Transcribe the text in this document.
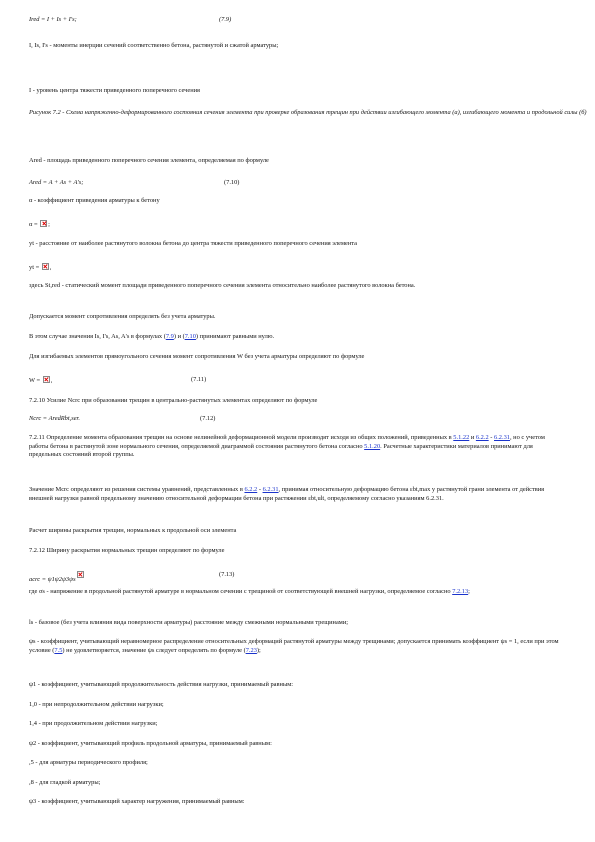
Ired = I + Is + I's;	(7.9)
I, Is, I's - моменты инерции сечений соответственно бетона, растянутой и сжатой арматуры;
I - уровень центра тяжести приведенного поперечного сечения
Рисунок 7.2 - Схема напряженно-деформированного состояния сечения элемента при проверке образования трещин при действии изгибающего момента (а), изгибающего момента и продольной силы (б)
Ared - площадь приведенного поперечного сечения элемента, определяемая по формуле
Ared = A + As + A's;	(7.10)
α - коэффициент приведения арматуры к бетону
α = ;
yt - расстояние от наиболее растянутого волокна бетона до центра тяжести приведенного поперечного сечения элемента
yt = ,
здесь St,red - статический момент площади приведенного поперечного сечения элемента относительно наиболее растянутого волокна бетона.
Допускается момент сопротивления определять без учета арматуры.
В этом случае значения Is, I's, As, A's в формулах (7.9) и (7.10) принимают равными нулю.
Для изгибаемых элементов прямоугольного сечения момент сопротивления W без учета арматуры определяют по формуле
W = ,	(7.11)
7.2.10 Усилие Ncrc при образовании трещин в центрально-растянутых элементах определяют по формуле
Ncrc = AredRbt,ser.	(7.12)
7.2.11 Определение момента образования трещин на основе нелинейной деформационной модели производят исходя из общих положений, приведенных в 5.1.22 и 6.2.2 - 6.2.31, но с учетом работы бетона в растянутой зоне нормального сечения, определяемой диаграммой состояния растянутого бетона согласно 5.1.20. Расчетные характеристики материалов принимают для предельных состояний второй группы.
Значение Mcrc определяют из решения системы уравнений, представленных в 6.2.2 - 6.2.31, принимая относительную деформацию бетона εbt,max у растянутой грани элемента от действия внешней нагрузки равной предельному значению относительной деформации бетона при растяжении εbt,ult, определяемому согласно указаниям 6.2.31.
Расчет ширины раскрытия трещин, нормальных к продольной оси элемента
7.2.12 Ширину раскрытия нормальных трещин определяют по формуле
acrc = ψ1ψ2ψ3ψs
(7.13)
где σs - напряжение в продольной растянутой арматуре в нормальном сечении с трещиной от соответствующей внешней нагрузки, определяемое согласно 7.2.13;
ls - базовое (без учета влияния вида поверхности арматуры) расстояние между смежными нормальными трещинами;
ψs - коэффициент, учитывающий неравномерное распределение относительных деформаций растянутой арматуры между трещинами; допускается принимать коэффициент ψs = 1, если при этом условие (7.5) не удовлетворяется, значение ψs следует определять по формуле (7.23);
ψ1 - коэффициент, учитывающий продолжительность действия нагрузки, принимаемый равным:
1,0 - при непродолжительном действии нагрузки;
1,4 - при продолжительном действии нагрузки;
ψ2 - коэффициент, учитывающий профиль продольной арматуры, принимаемый равным:
,5 - для арматуры периодического профиля;
,8 - для гладкой арматуры;
ψ3 - коэффициент, учитывающий характер нагружения, принимаемый равным:
